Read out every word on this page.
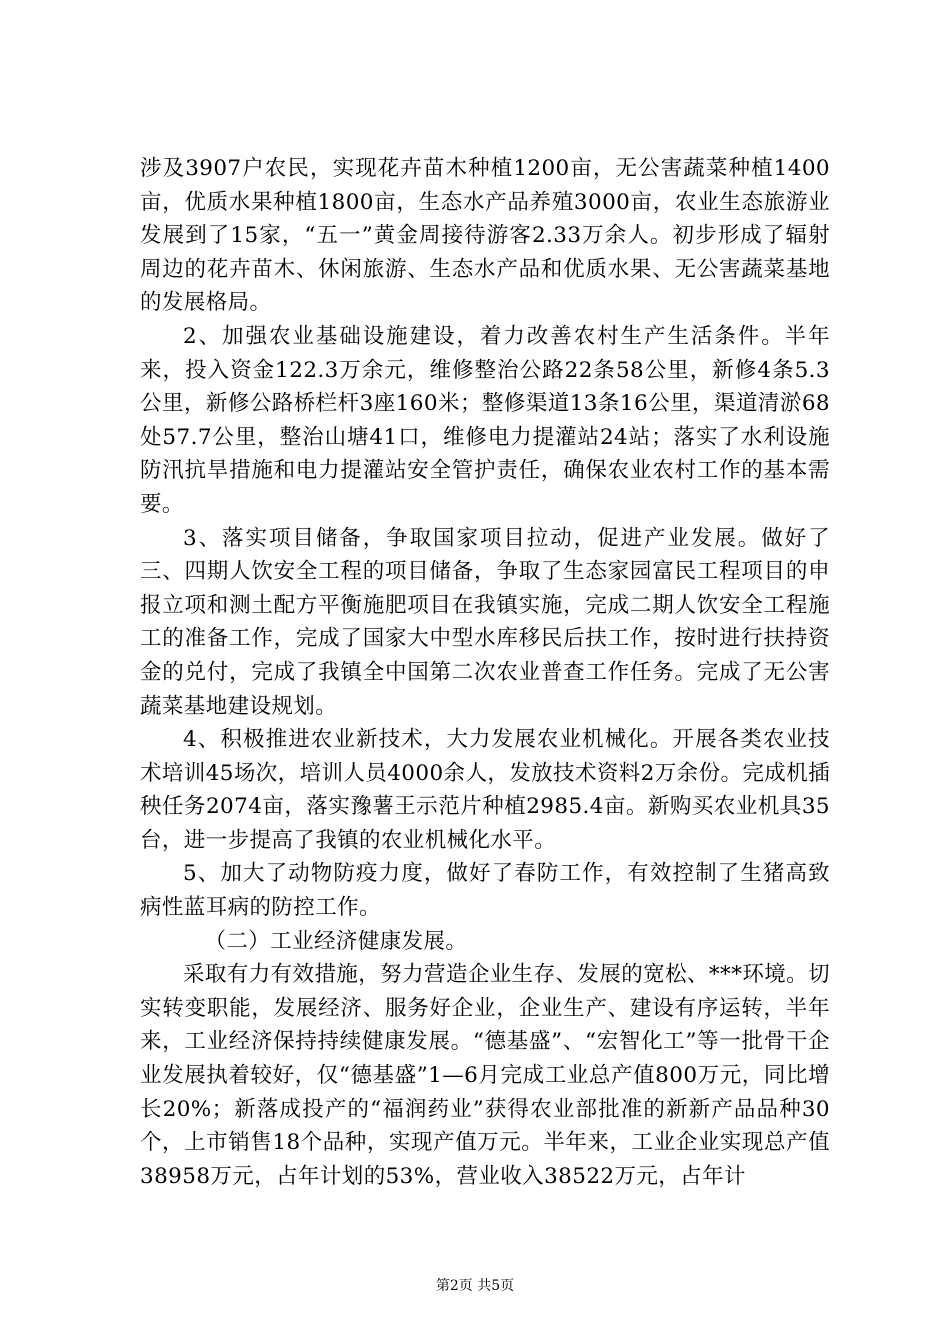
涉及3907户农民，实现花卉苗木种植1200亩，无公害蔬菜种植1400亩，优质水果种植1800亩，生态水产品养殖3000亩，农业生态旅游业发展到了15家，“五一”黄金周接待游客2.33万余人。初步形成了辐射周边的花卉苗木、休闲旅游、生态水产品和优质水果、无公害蔬菜基地的发展格局。

2、加强农业基础设施建设，着力改善农村生产生活条件。半年来，投入资金122.3万余元，维修整治公路22条58公里，新修4条5.3公里，新修公路桥栏杆3座160米；整修渠道13条16公里，渠道清淤68处57.7公里，整治山塘41口，维修电力提灌站24站；落实了水利设施防汛抗旱措施和电力提灌站安全管护责任，确保农业农村工作的基本需要。

3、落实项目储备，争取国家项目拉动，促进产业发展。做好了三、四期人饮安全工程的项目储备，争取了生态家园富民工程项目的申报立项和测土配方平衡施肥项目在我镇实施，完成二期人饮安全工程施工的准备工作，完成了国家大中型水库移民后扶工作，按时进行扶持资金的兑付，完成了我镇全中国第二次农业普查工作任务。完成了无公害蔬菜基地建设规划。

4、积极推进农业新技术，大力发展农业机械化。开展各类农业技术培训45场次，培训人员4000余人，发放技术资料2万余份。完成机插秧任务2074亩，落实豫薯王示范片种植2985.4亩。新购买农业机具35台，进一步提高了我镇的农业机械化水平。

5、加大了动物防疫力度，做好了春防工作，有效控制了生猪高致病性蓝耳病的防控工作。

（二）工业经济健康发展。

采取有力有效措施，努力营造企业生存、发展的宽松、***环境。切实转变职能，发展经济、服务好企业，企业生产、建设有序运转，半年来，工业经济保持持续健康发展。“德基盛”、“宏智化工”等一批骨干企业发展执着较好，仅“德基盛”1—6月完成工业总产值800万元，同比增长20%；新落成投产的“福润药业”获得农业部批准的新新产品品种30个，上市销售18个品种，实现产值万元。半年来，工业企业实现总产值38958万元，占年计划的53%，营业收入38522万元，占年计

第2页 共5页
